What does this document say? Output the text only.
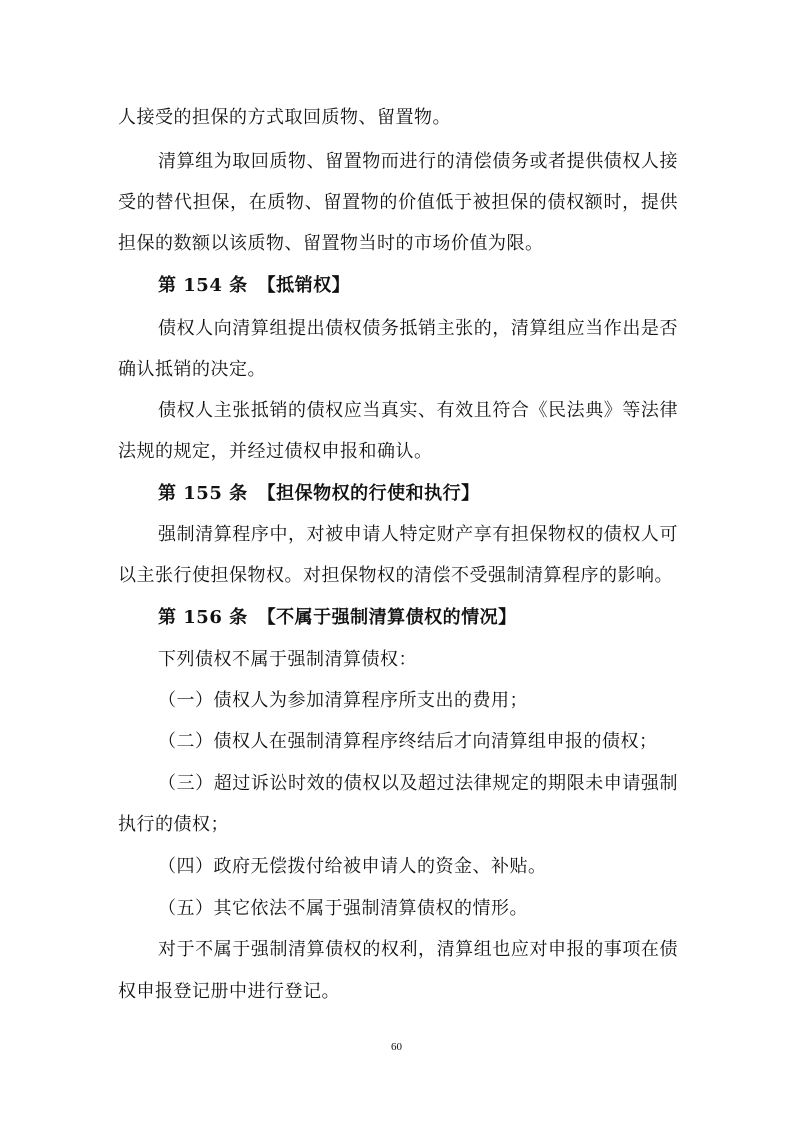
人接受的担保的方式取回质物、留置物。
清算组为取回质物、留置物而进行的清偿债务或者提供债权人接
受的替代担保，在质物、留置物的价值低于被担保的债权额时，提供
担保的数额以该质物、留置物当时的市场价值为限。
第 154 条 【抵销权】
债权人向清算组提出债权债务抵销主张的，清算组应当作出是否
确认抵销的决定。
债权人主张抵销的债权应当真实、有效且符合《民法典》等法律
法规的规定，并经过债权申报和确认。
第 155 条 【担保物权的行使和执行】
强制清算程序中，对被申请人特定财产享有担保物权的债权人可
以主张行使担保物权。对担保物权的清偿不受强制清算程序的影响。
第 156 条 【不属于强制清算债权的情况】
下列债权不属于强制清算债权：
（一）债权人为参加清算程序所支出的费用；
（二）债权人在强制清算程序终结后才向清算组申报的债权；
（三）超过诉讼时效的债权以及超过法律规定的期限未申请强制
执行的债权；
（四）政府无偿拨付给被申请人的资金、补贴。
（五）其它依法不属于强制清算债权的情形。
对于不属于强制清算债权的权利，清算组也应对申报的事项在债
权申报登记册中进行登记。
60
